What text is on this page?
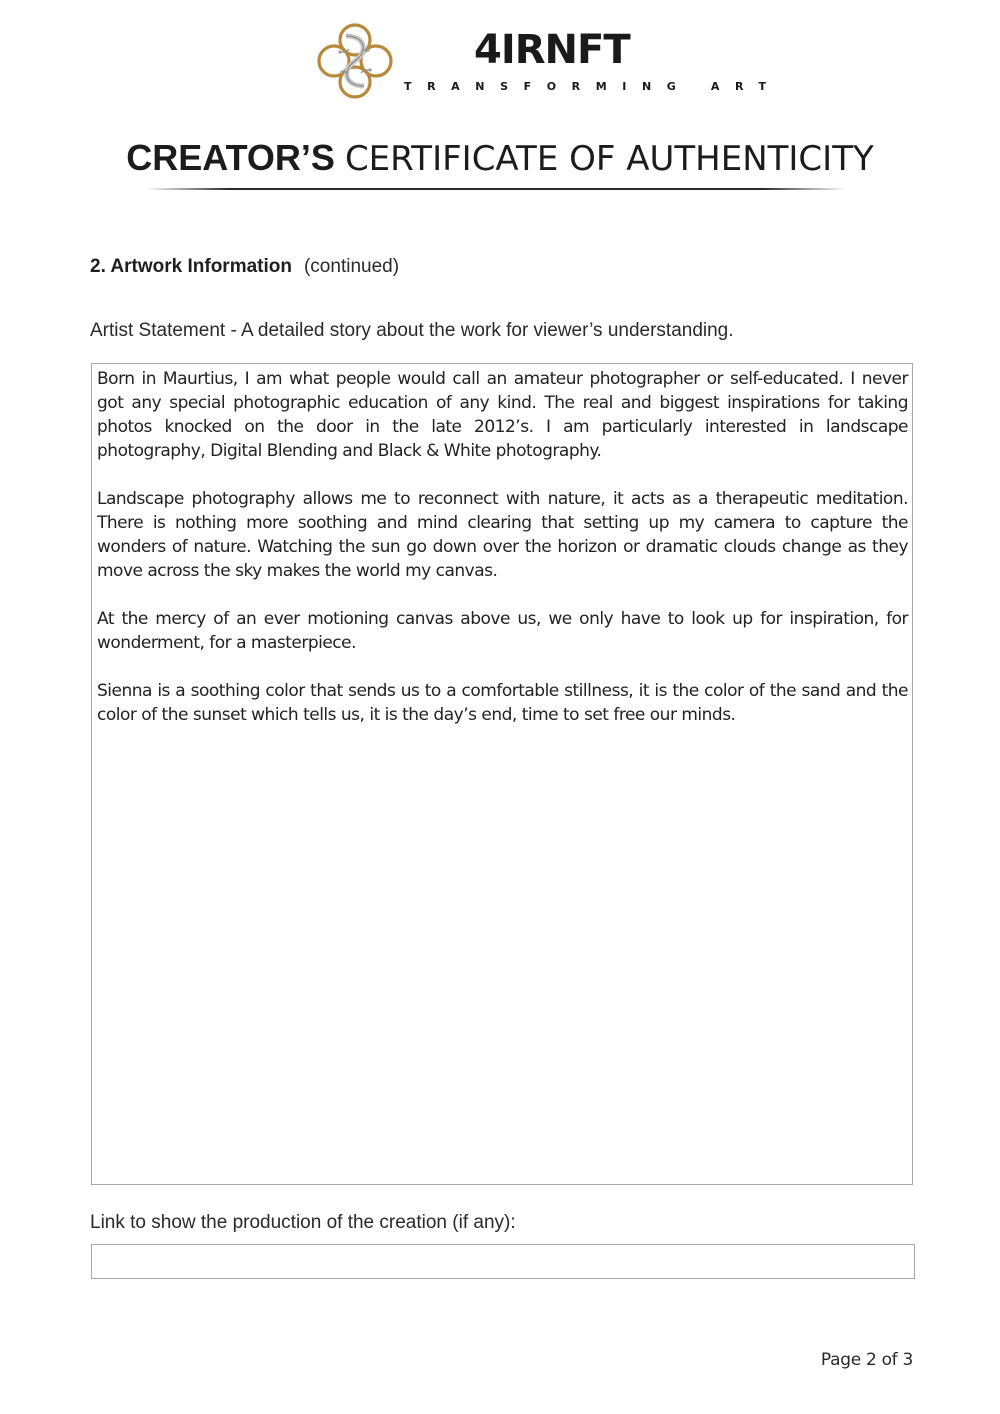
4IRNFT
TRANSFORMING ART
CREATOR’S CERTIFICATE OF AUTHENTICITY
2. Artwork Information (continued)
Artist Statement - A detailed story about the work for viewer’s understanding.

Born in Maurtius, I am what people would call an amateur photographer or self-educated. I never got any special photographic education of any kind. The real and biggest inspirations for taking photos knocked on the door in the late 2012’s. I am particularly interested in landscape photography, Digital Blending and Black & White photography.

Landscape photography allows me to reconnect with nature, it acts as a therapeutic meditation. There is nothing more soothing and mind clearing that setting up my camera to capture the wonders of nature. Watching the sun go down over the horizon or dramatic clouds change as they move across the sky makes the world my canvas.

At the mercy of an ever motioning canvas above us, we only have to look up for inspiration, for wonderment, for a masterpiece.

Sienna is a soothing color that sends us to a comfortable stillness, it is the color of the sand and the color of the sunset which tells us, it is the day’s end, time to set free our minds.

Link to show the production of the creation (if any):
Page 2 of 3
